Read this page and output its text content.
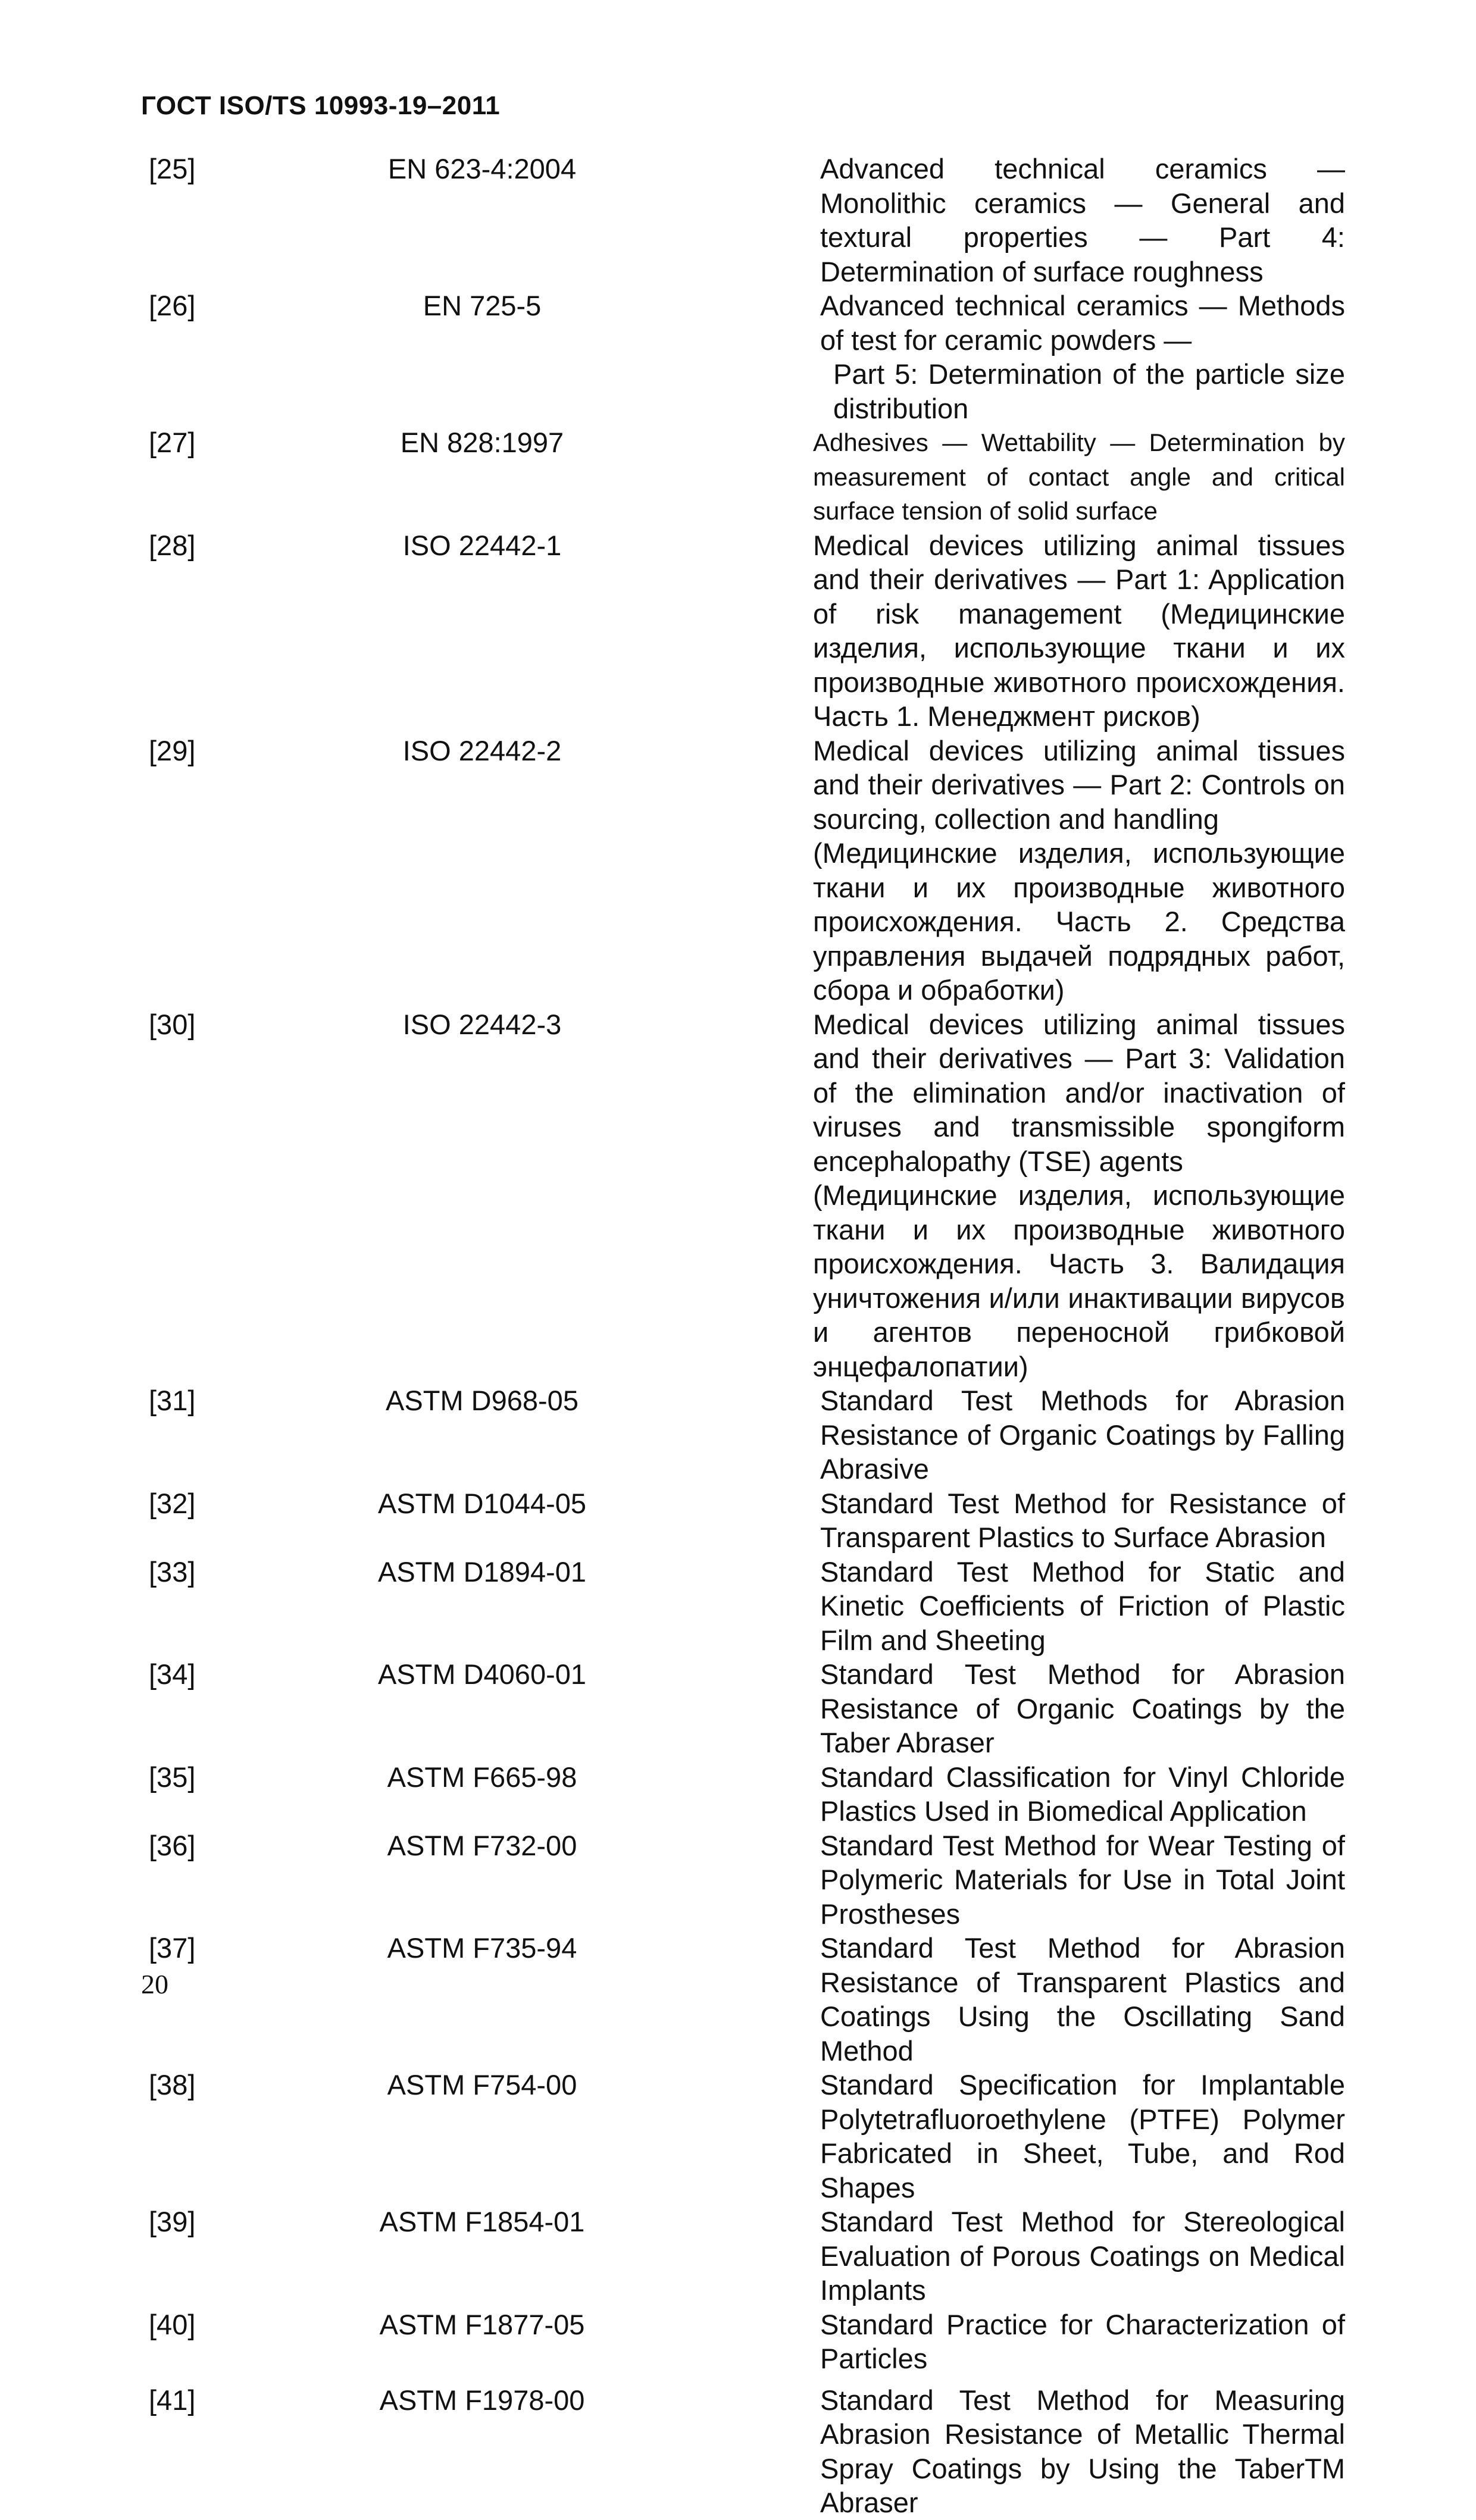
ГОСТ ISO/TS 10993-19–2011
[25]	EN 623-4:2004	Advanced technical ceramics — Monolithic ceramics — General and textural properties — Part 4: Determination of surface roughness
[26]	EN 725-5	Advanced technical ceramics — Methods of test for ceramic powders —
Part 5: Determination of the particle size distribution
[27]	EN 828:1997	Adhesives — Wettability — Determination by measurement of contact angle and critical surface tension of solid surface
[28]	ISO 22442-1	Medical devices utilizing animal tissues and their derivatives — Part 1: Application of risk management (Медицинские изделия, использующие ткани и их производные животного происхождения. Часть 1. Менеджмент рисков)
[29]	ISO 22442-2	Medical devices utilizing animal tissues and their derivatives — Part 2: Controls on sourcing, collection and handling
(Медицинские изделия, использующие ткани и их производные животного происхождения. Часть 2. Средства управления выдачей подрядных работ, сбора и обработки)
[30]	ISO 22442-3	Medical devices utilizing animal tissues and their derivatives — Part 3: Validation of the elimination and/or inactivation of viruses and transmissible spongiform encephalopathy (TSE) agents
(Медицинские изделия, использующие ткани и их производные животного происхождения. Часть 3. Валидация уничтожения и/или инактивации вирусов и агентов переносной грибковой энцефалопатии)
[31]	ASTM D968-05	Standard Test Methods for Abrasion Resistance of Organic Coatings by Falling Abrasive
[32]	ASTM D1044-05	Standard Test Method for Resistance of Transparent Plastics to Surface Abrasion
[33]	ASTM D1894-01	Standard Test Method for Static and Kinetic Coefficients of Friction of Plastic Film and Sheeting
[34]	ASTM D4060-01	Standard Test Method for Abrasion Resistance of Organic Coatings by the Taber Abraser
[35]	ASTM F665-98	Standard Classification for Vinyl Chloride Plastics Used in Biomedical Application
[36]	ASTM F732-00	Standard Test Method for Wear Testing of Polymeric Materials for Use in Total Joint Prostheses
[37]	ASTM F735-94	Standard Test Method for Abrasion Resistance of Transparent Plastics and Coatings Using the Oscillating Sand Method
[38]	ASTM F754-00	Standard Specification for Implantable Polytetrafluoroethylene (PTFE) Polymer Fabricated in Sheet, Tube, and Rod Shapes
[39]	ASTM F1854-01	Standard Test Method for Stereological Evaluation of Porous Coatings on Medical Implants
[40]	ASTM F1877-05	Standard Practice for Characterization of Particles
[41]	ASTM F1978-00	Standard Test Method for Measuring Abrasion Resistance of Metallic Thermal Spray Coatings by Using the TaberTM Abraser
20
